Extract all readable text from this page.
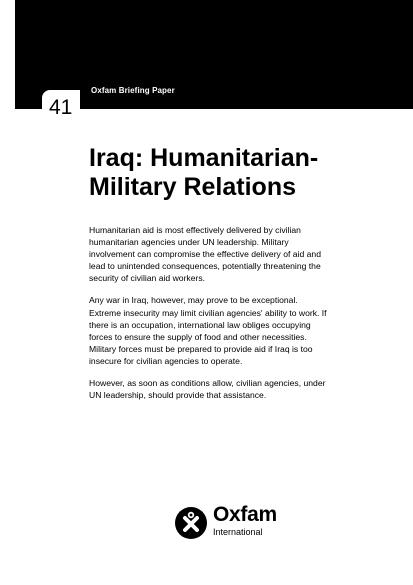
Oxfam Briefing Paper
41
Iraq: Humanitarian-
Military Relations

Humanitarian aid is most effectively delivered by civilian
humanitarian agencies under UN leadership. Military
involvement can compromise the effective delivery of aid and
lead to unintended consequences, potentially threatening the
security of civilian aid workers.

Any war in Iraq, however, may prove to be exceptional.
Extreme insecurity may limit civilian agencies' ability to work. If
there is an occupation, international law obliges occupying
forces to ensure the supply of food and other necessities.
Military forces must be prepared to provide aid if Iraq is too
insecure for civilian agencies to operate.

However, as soon as conditions allow, civilian agencies, under
UN leadership, should provide that assistance.

Oxfam
International
